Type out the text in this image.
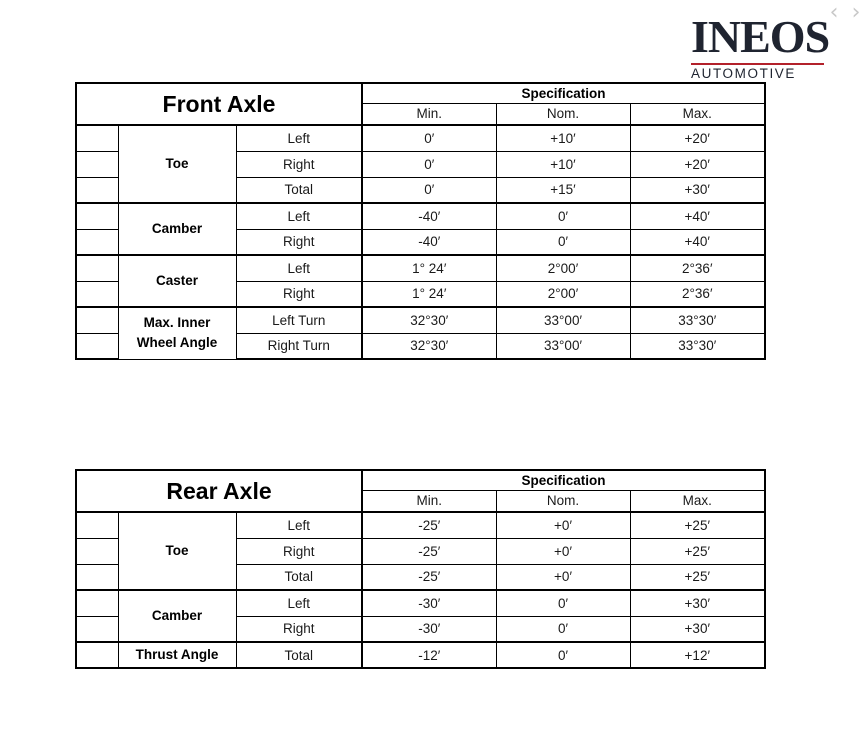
INEOS
AUTOMOTIVE
‹ ›
Front Axle			Specification		
			Min.	Nom.	Max.
	Toe	Left	0′	+10′	+20′
		Right	0′	+10′	+20′
		Total	0′	+15′	+30′
	Camber	Left	-40′	0′	+40′
		Right	-40′	0′	+40′
	Caster	Left	1° 24′	2°00′	2°36′
		Right	1° 24′	2°00′	2°36′
	Max. Inner Wheel Angle	Left Turn	32°30′	33°00′	33°30′
		Right Turn	32°30′	33°00′	33°30′
Rear Axle			Specification		
			Min.	Nom.	Max.
	Toe	Left	-25′	+0′	+25′
		Right	-25′	+0′	+25′
		Total	-25′	+0′	+25′
	Camber	Left	-30′	0′	+30′
		Right	-30′	0′	+30′
	Thrust Angle	Total	-12′	0′	+12′
